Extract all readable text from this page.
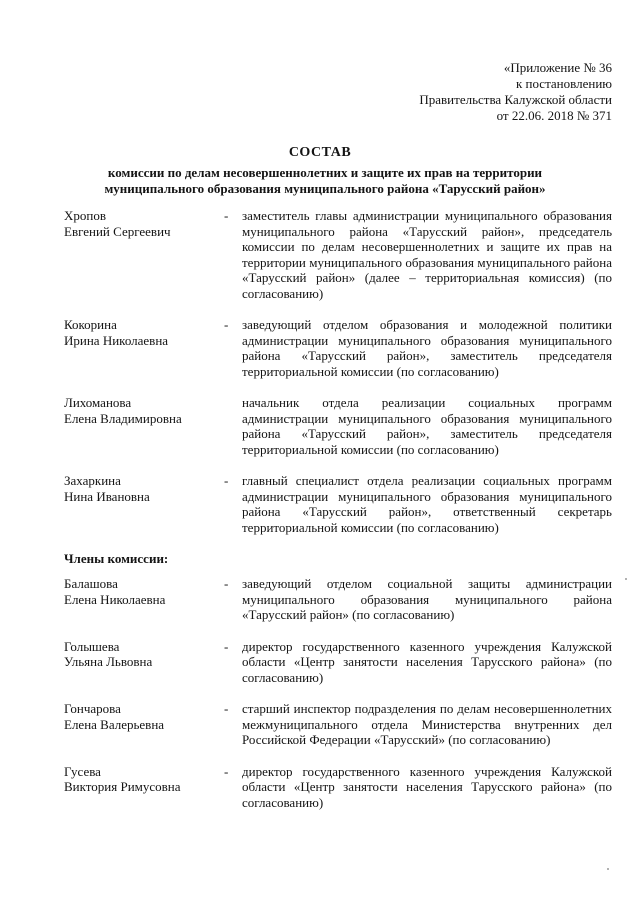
«Приложение № 36
к постановлению
Правительства Калужской области
от 22.06. 2018 № 371
СОСТАВ
комиссии по делам несовершеннолетних и защите их прав на территории муниципального образования муниципального района «Тарусский район»
Хропов
Евгений Сергеевич
-	заместитель главы администрации муниципального образования муниципального района «Тарусский район», председатель комиссии по делам несовершеннолетних и защите их прав на территории муниципального образования муниципального района «Тарусский район» (далее – территориальная комиссия) (по согласованию)
Кокорина
Ирина Николаевна
-	заведующий отделом образования и молодежной политики администрации муниципального образования муниципального района «Тарусский район», заместитель председателя территориальной комиссии (по согласованию)
Лихоманова
Елена Владимировна
начальник отдела реализации социальных программ администрации муниципального образования муниципального района «Тарусский район», заместитель председателя территориальной комиссии (по согласованию)
Захаркина
Нина Ивановна
-	главный специалист отдела реализации социальных программ администрации муниципального образования муниципального района «Тарусский район», ответственный секретарь территориальной комиссии (по согласованию)
Члены комиссии:
Балашова
Елена Николаевна
-	заведующий отделом социальной защиты администрации муниципального образования муниципального района «Тарусский район» (по согласованию)
Голышева
Ульяна Львовна
-	директор государственного казенного учреждения Калужской области «Центр занятости населения Тарусского района» (по согласованию)
Гончарова
Елена Валерьевна
-	старший инспектор подразделения по делам несовершеннолетних межмуниципального отдела Министерства внутренних дел Российской Федерации «Тарусский» (по согласованию)
Гусева
Виктория Римусовна
-	директор государственного казенного учреждения Калужской области «Центр занятости населения Тарусского района» (по согласованию)
